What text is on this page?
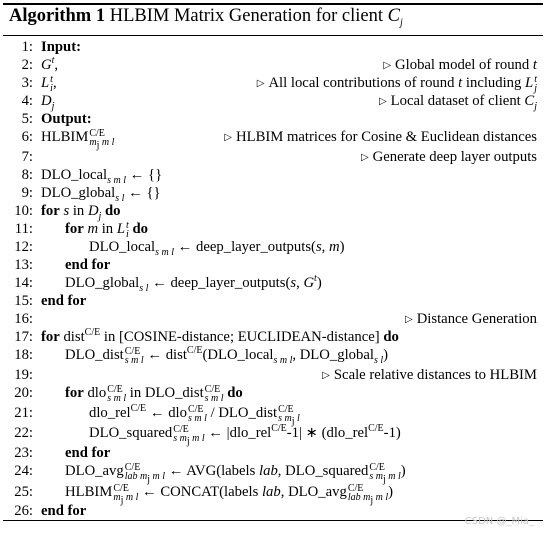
Algorithm 1 HLBIM Matrix Generation for client $C_j$
1: Input:
2: $G^t$,	▷ Global model of round t
3: L t
i ,	▷ All local contributions of round t including L t
j
4: $D_j$	▷ Local dataset of client $C_j$
5: Output:
6: HLBIM C/E
$m_j$ m l	▷ HLBIM matrices for Cosine & Euclidean distances
7:	▷ Generate deep layer outputs
8: DLO_local$_{s m l}$ ← {}
9: DLO_global$_{s l}$ ← {}
10: for s in $D_j$ do
11: for m in L t
i do
12:	DLO_local$_{s m l}$ ← deep_layer_outputs(s, m)
13: end for
14: DLO_global$_{s l}$ ← deep_layer_outputs(s, $G^t$)
15: end for
16:	▷ Distance Generation
17: for dist$^{C/E}$ in [COSINE-distance; EUCLIDEAN-distance] do
18: DLO_dist C/E
s m l ← dist$^{C/E}$(DLO_local$_{s m l}$, DLO_global$_{s l}$)
19:	▷ Scale relative distances to HLBIM
20: for dlo C/E
s m l in DLO_dist C/E
s m l do
21:	dlo_rel$^{C/E}$ ← dlo C/E
s m l / DLO_dist C/E
s $m_j$ l
22:	DLO_squared C/E
s $m_j$ m l ← |dlo_rel$^{C/E}$-1| ∗ (dlo_rel$^{C/E}$-1)
23: end for
24: DLO_avg C/E
lab $m_j$ m l ← AVG(labels lab, DLO_squared C/E
s $m_j$ m l )
25: HLBIM C/E
$m_j$ m l ← CONCAT(labels lab, DLO_avg C/E
lab $m_j$ m l )
26: end for
CSDN @_Mia_
